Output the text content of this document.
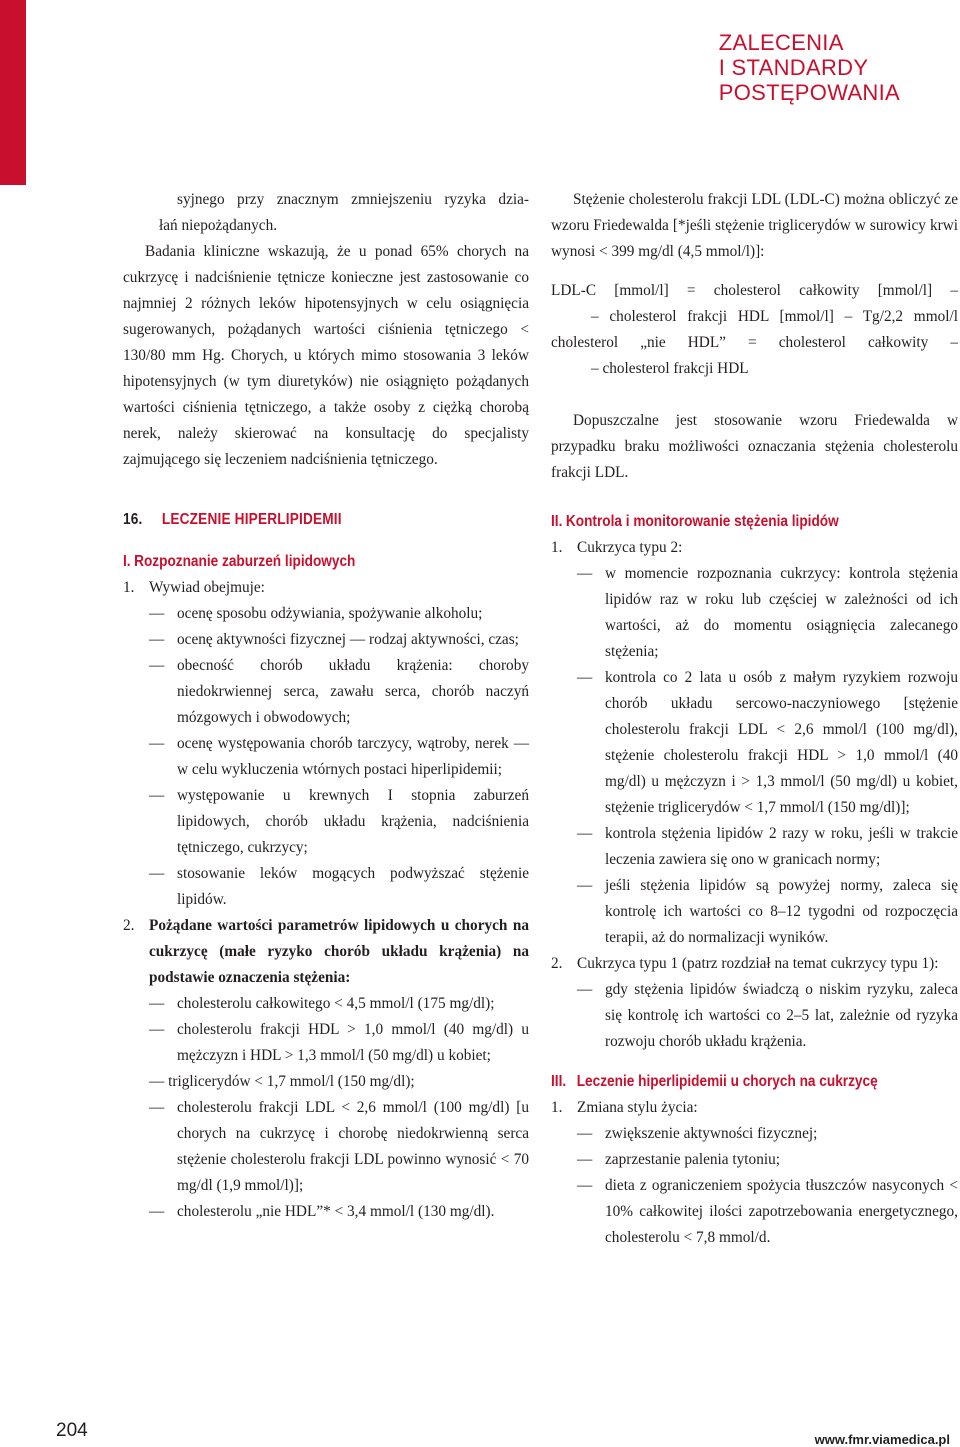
ZALECENIA
I STANDARDY
POSTĘPOWANIA

syjnego przy znacznym zmniejszeniu ryzyka dzia-

łań niepożądanych.

Badania kliniczne wskazują, że u ponad 65% chorych na cukrzycę i nadciśnienie tętnicze konieczne jest zastosowanie co najmniej 2 różnych leków hipotensyjnych w celu osiągnięcia sugerowanych, pożądanych wartości ciśnienia tętniczego < 130/80 mm Hg. Chorych, u których mimo stosowania 3 leków hipotensyjnych (w tym diuretyków) nie osiągnięto pożądanych wartości ciśnienia tętniczego, a także osoby z ciężką chorobą nerek, należy skierować na konsultację do specjalisty zajmującego się leczeniem nadciśnienia tętniczego.

16. LECZENIE HIPERLIPIDEMII

I. Rozpoznanie zaburzeń lipidowych

1. Wywiad obejmuje:

— ocenę sposobu odżywiania, spożywanie alkoholu;

— ocenę aktywności fizycznej — rodzaj aktywności, czas;

— obecność chorób układu krążenia: choroby niedokrwiennej serca, zawału serca, chorób naczyń mózgowych i obwodowych;

— ocenę występowania chorób tarczycy, wątroby, nerek — w celu wykluczenia wtórnych postaci hiperlipidemii;

— występowanie u krewnych I stopnia zaburzeń lipidowych, chorób układu krążenia, nadciśnienia tętniczego, cukrzycy;

— stosowanie leków mogących podwyższać stężenie lipidów.

2. Pożądane wartości parametrów lipidowych u chorych na cukrzycę (małe ryzyko chorób układu krążenia) na podstawie oznaczenia stężenia:

— cholesterolu całkowitego < 4,5 mmol/l (175 mg/dl);

— cholesterolu frakcji HDL > 1,0 mmol/l (40 mg/dl) u mężczyzn i HDL > 1,3 mmol/l (50 mg/dl) u kobiet;

— triglicerydów < 1,7 mmol/l (150 mg/dl);

— cholesterolu frakcji LDL < 2,6 mmol/l (100 mg/dl) [u chorych na cukrzycę i chorobę niedokrwienną serca stężenie cholesterolu frakcji LDL powinno wynosić < 70 mg/dl (1,9 mmol/l)];

— cholesterolu „nie HDL”* < 3,4 mmol/l (130 mg/dl).

Stężenie cholesterolu frakcji LDL (LDL-C) można obliczyć ze wzoru Friedewalda [*jeśli stężenie triglicerydów w surowicy krwi wynosi < 399 mg/dl (4,5 mmol/l)]:

LDL-C [mmol/l] = cholesterol całkowity [mmol/l] –

– cholesterol frakcji HDL [mmol/l] – Tg/2,2 mmol/l

cholesterol „nie HDL” = cholesterol całkowity –

– cholesterol frakcji HDL

Dopuszczalne jest stosowanie wzoru Friedewalda w przypadku braku możliwości oznaczania stężenia cholesterolu frakcji LDL.

II. Kontrola i monitorowanie stężenia lipidów

1. Cukrzyca typu 2:

— w momencie rozpoznania cukrzycy: kontrola stężenia lipidów raz w roku lub częściej w zależności od ich wartości, aż do momentu osiągnięcia zalecanego stężenia;

— kontrola co 2 lata u osób z małym ryzykiem rozwoju chorób układu sercowo-naczyniowego [stężenie cholesterolu frakcji LDL < 2,6 mmol/l (100 mg/dl), stężenie cholesterolu frakcji HDL > 1,0 mmol/l (40 mg/dl) u mężczyzn i > 1,3 mmol/l (50 mg/dl) u kobiet, stężenie triglicerydów < 1,7 mmol/l (150 mg/dl)];

— kontrola stężenia lipidów 2 razy w roku, jeśli w trakcie leczenia zawiera się ono w granicach normy;

— jeśli stężenia lipidów są powyżej normy, zaleca się kontrolę ich wartości co 8–12 tygodni od rozpoczęcia terapii, aż do normalizacji wyników.

2. Cukrzyca typu 1 (patrz rozdział na temat cukrzycy typu 1):

— gdy stężenia lipidów świadczą o niskim ryzyku, zaleca się kontrolę ich wartości co 2–5 lat, zależnie od ryzyka rozwoju chorób układu krążenia.

III. Leczenie hiperlipidemii u chorych na cukrzycę

1. Zmiana stylu życia:

— zwiększenie aktywności fizycznej;

— zaprzestanie palenia tytoniu;

— dieta z ograniczeniem spożycia tłuszczów nasyconych < 10% całkowitej ilości zapotrzebowania energetycznego, cholesterolu < 7,8 mmol/d.

204	www.fmr.viamedica.pl
